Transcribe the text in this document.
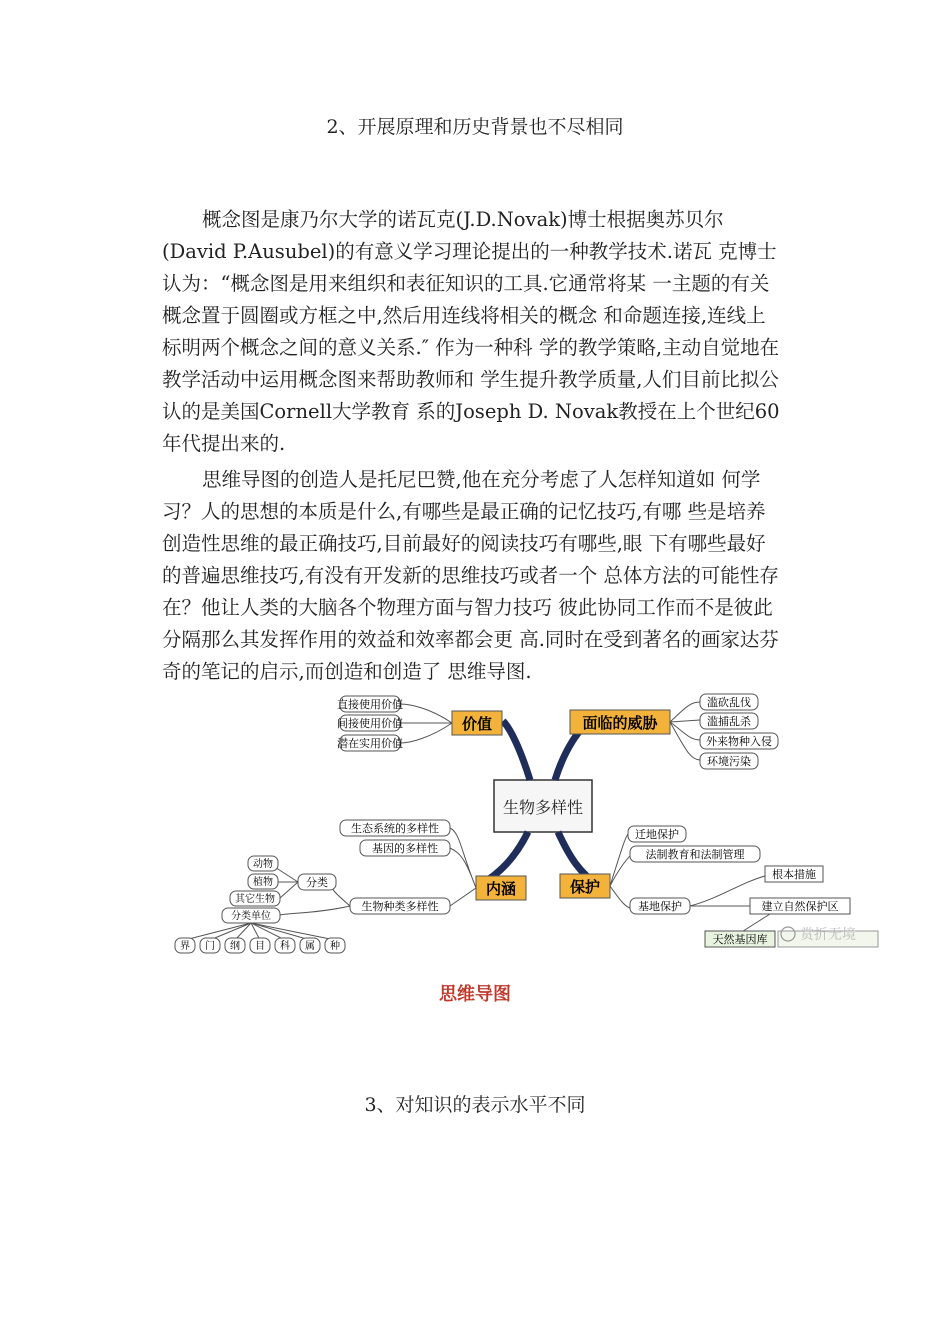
2、开展原理和历史背景也不尽相同

概念图是康乃尔大学的诺瓦克(J.D.Novak)博士根据奥苏贝尔(David P.Ausubel)的有意义学习理论提出的一种教学技术.诺瓦 克博士认为：“概念图是用来组织和表征知识的工具.它通常将某 一主题的有关概念置于圆圈或方框之中,然后用连线将相关的概念 和命题连接,连线上标明两个概念之间的意义关系.″ 作为一种科 学的教学策略,主动自觉地在教学活动中运用概念图来帮助教师和 学生提升教学质量,人们目前比拟公认的是美国Cornell大学教育 系的Joseph D. Novak教授在上个世纪60年代提出来的.

思维导图的创造人是托尼巴赞,他在充分考虑了人怎样知道如 何学习？人的思想的本质是什么,有哪些是最正确的记忆技巧,有哪 些是培养创造性思维的最正确技巧,目前最好的阅读技巧有哪些,眼 下有哪些最好的普遍思维技巧,有没有开发新的思维技巧或者一个 总体方法的可能性存在？他让人类的大脑各个物理方面与智力技巧 彼此协同工作而不是彼此分隔那么其发挥作用的效益和效率都会更 高.同时在受到著名的画家达芬奇的笔记的启示,而创造和创造了 思维导图.

生物多样性
价值
直接使用价值
间接使用价值
潜在实用价值
面临的威胁
滥砍乱伐
滥捕乱杀
外来物种入侵
环境污染
内涵
生态系统的多样性
基因的多样性
生物种类多样性
分类
动物
植物
其它生物
分类单位
界 门 纲 目 科 属 种
保护
迁地保护
法制教育和法制管理
基地保护
根本措施
建立自然保护区
天然基因库 赏折无境
思维导图
3、对知识的表示水平不同
